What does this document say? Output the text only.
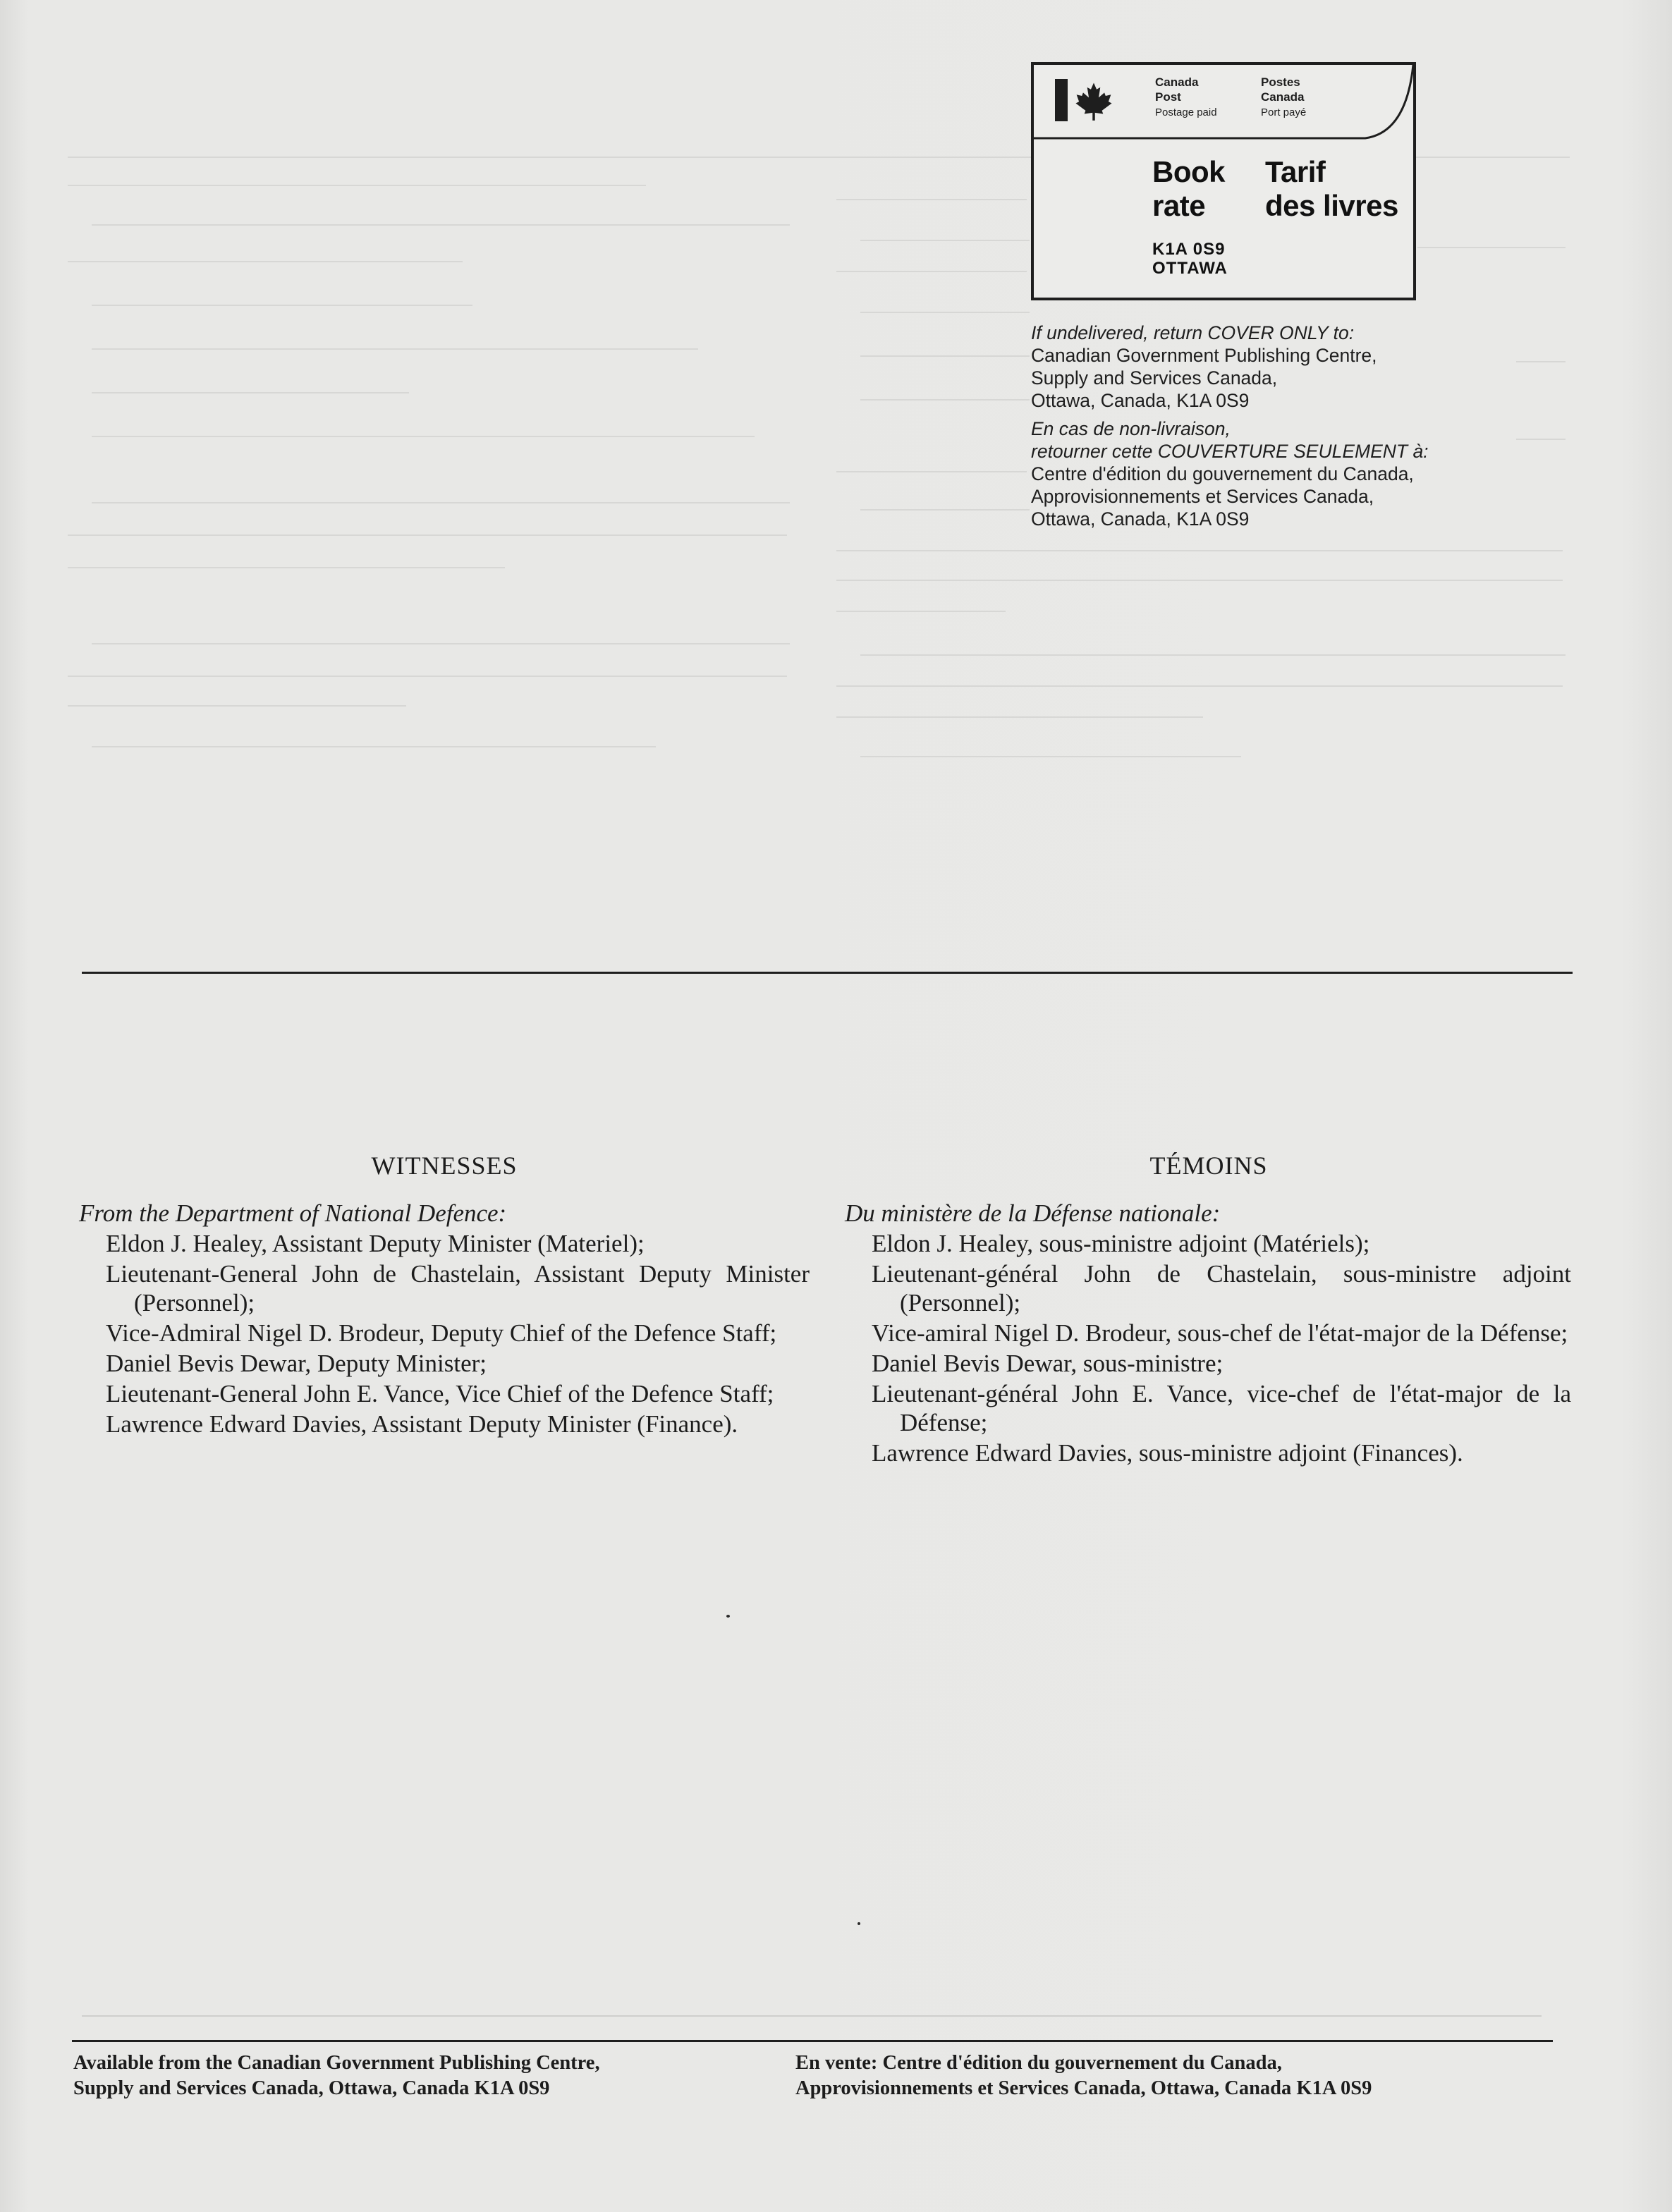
Canada
Post
Postage paid
Postes
Canada
Port payé
Book
rate
Tarif
des livres
K1A 0S9
OTTAWA
If undelivered, return COVER ONLY to:
Canadian Government Publishing Centre,
Supply and Services Canada,
Ottawa, Canada, K1A 0S9
En cas de non-livraison,
retourner cette COUVERTURE SEULEMENT à:
Centre d'édition du gouvernement du Canada,
Approvisionnements et Services Canada,
Ottawa, Canada, K1A 0S9
WITNESSES
From the Department of National Defence:
Eldon J. Healey, Assistant Deputy Minister (Materiel);
Lieutenant-General John de Chastelain, Assistant Deputy Minister (Personnel);
Vice-Admiral Nigel D. Brodeur, Deputy Chief of the Defence Staff;
Daniel Bevis Dewar, Deputy Minister;
Lieutenant-General John E. Vance, Vice Chief of the Defence Staff;
Lawrence Edward Davies, Assistant Deputy Minister (Finance).
TÉMOINS
Du ministère de la Défense nationale:
Eldon J. Healey, sous-ministre adjoint (Matériels);
Lieutenant-général John de Chastelain, sous-ministre adjoint (Personnel);
Vice-amiral Nigel D. Brodeur, sous-chef de l'état-major de la Défense;
Daniel Bevis Dewar, sous-ministre;
Lieutenant-général John E. Vance, vice-chef de l'état-major de la Défense;
Lawrence Edward Davies, sous-ministre adjoint (Finances).
Available from the Canadian Government Publishing Centre,
Supply and Services Canada, Ottawa, Canada K1A 0S9
En vente: Centre d'édition du gouvernement du Canada,
Approvisionnements et Services Canada, Ottawa, Canada K1A 0S9
